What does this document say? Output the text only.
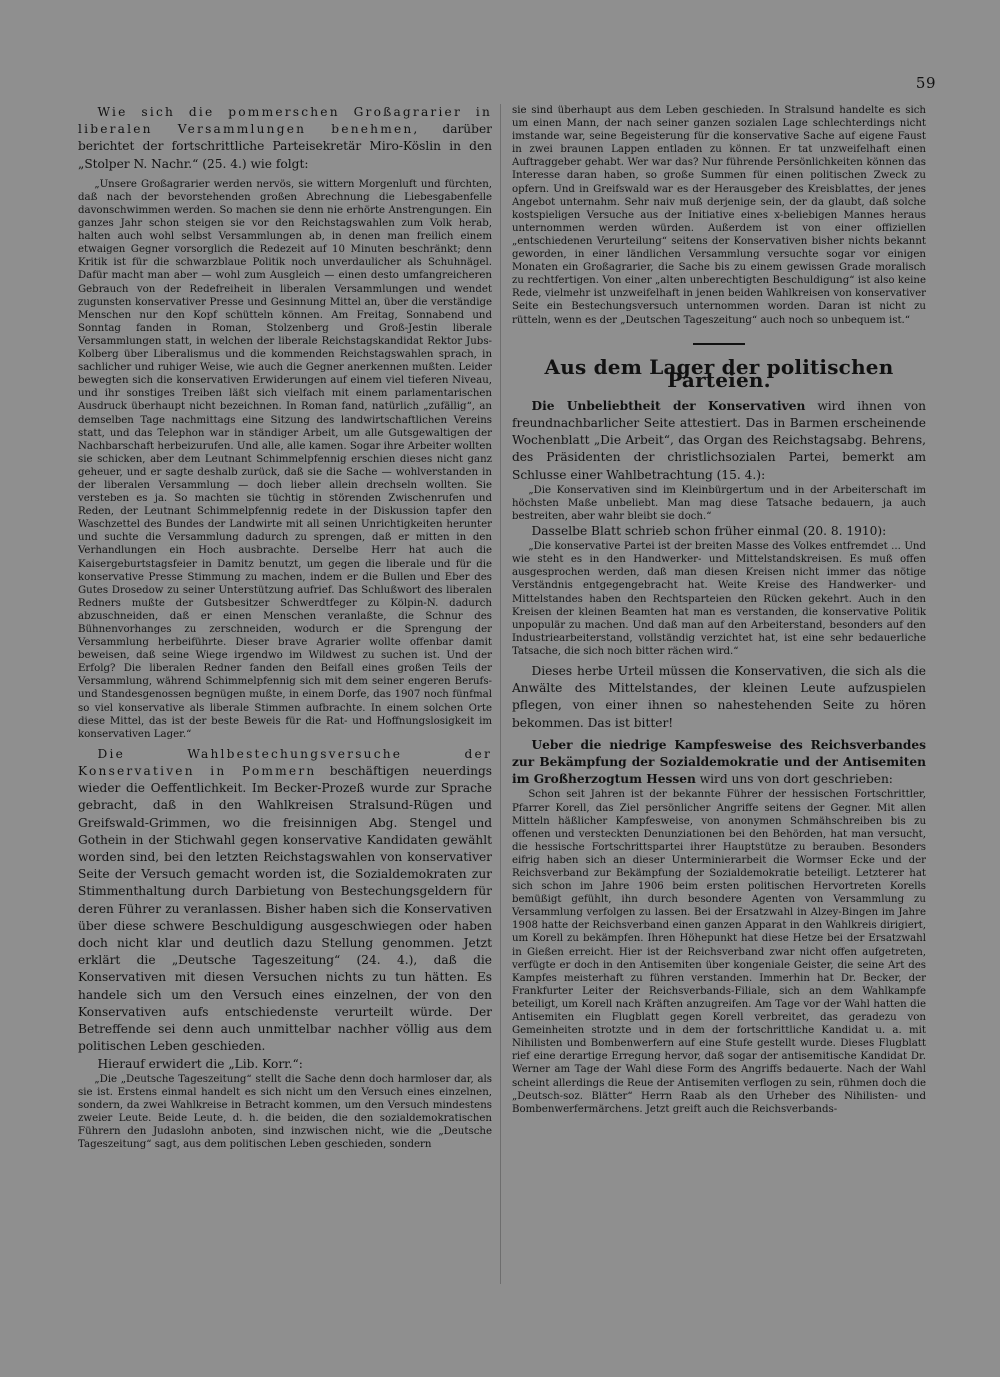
59

Wie sich die pommerschen Großagrarier in liberalen Versammlungen benehmen, darüber berichtet der fortschrittliche Parteisekretär Miro-Köslin in den „Stolper N. Nachr.“ (25. 4.) wie folgt:

„Unsere Großagrarier werden nervös, sie wittern Morgenluft und fürchten, daß nach der bevorstehenden großen Abrechnung die Liebesgabenfelle davonschwimmen werden. So machen sie denn nie erhörte Anstrengungen. Ein ganzes Jahr schon steigen sie vor den Reichstagswahlen zum Volk herab, halten auch wohl selbst Versammlungen ab, in denen man freilich einem etwaigen Gegner vorsorglich die Redezeit auf 10 Minuten beschränkt; denn Kritik ist für die schwarzblaue Politik noch unverdaulicher als Schuhnägel. Dafür macht man aber — wohl zum Ausgleich — einen desto umfangreicheren Gebrauch von der Redefreiheit in liberalen Versammlungen und wendet zugunsten konservativer Presse und Gesinnung Mittel an, über die verständige Menschen nur den Kopf schütteln können. Am Freitag, Sonnabend und Sonntag fanden in Roman, Stolzenberg und Groß-Jestin liberale Versammlungen statt, in welchen der liberale Reichstagskandidat Rektor Jubs-Kolberg über Liberalismus und die kommenden Reichstagswahlen sprach, in sachlicher und ruhiger Weise, wie auch die Gegner anerkennen mußten. Leider bewegten sich die konservativen Erwiderungen auf einem viel tieferen Niveau, und ihr sonstiges Treiben läßt sich vielfach mit einem parlamentarischen Ausdruck überhaupt nicht bezeichnen. In Roman fand, natürlich „zufällig“, an demselben Tage nachmittags eine Sitzung des landwirtschaftlichen Vereins statt, und das Telephon war in ständiger Arbeit, um alle Gutsgewaltigen der Nachbarschaft herbeizurufen. Und alle, alle kamen. Sogar ihre Arbeiter wollten sie schicken, aber dem Leutnant Schimmelpfennig erschien dieses nicht ganz geheuer, und er sagte deshalb zurück, daß sie die Sache — wohlverstanden in der liberalen Versammlung — doch lieber allein drechseln wollten. Sie versteben es ja. So machten sie tüchtig in störenden Zwischenrufen und Reden, der Leutnant Schimmelpfennig redete in der Diskussion tapfer den Waschzettel des Bundes der Landwirte mit all seinen Unrichtigkeiten herunter und suchte die Versammlung dadurch zu sprengen, daß er mitten in den Verhandlungen ein Hoch ausbrachte. Derselbe Herr hat auch die Kaisergeburtstagsfeier in Damitz benutzt, um gegen die liberale und für die konservative Presse Stimmung zu machen, indem er die Bullen und Eber des Gutes Drosedow zu seiner Unterstützung aufrief. Das Schlußwort des liberalen Redners mußte der Gutsbesitzer Schwerdtfeger zu Kölpin-N. dadurch abzuschneiden, daß er einen Menschen veranlaßte, die Schnur des Bühnenvorhanges zu zerschneiden, wodurch er die Sprengung der Versammlung herbeiführte. Dieser brave Agrarier wollte offenbar damit beweisen, daß seine Wiege irgendwo im Wildwest zu suchen ist. Und der Erfolg? Die liberalen Redner fanden den Beifall eines großen Teils der Versammlung, während Schimmelpfennig sich mit dem seiner engeren Berufs- und Standesgenossen begnügen mußte, in einem Dorfe, das 1907 noch fünfmal so viel konservative als liberale Stimmen aufbrachte. In einem solchen Orte diese Mittel, das ist der beste Beweis für die Rat- und Hoffnungslosigkeit im konservativen Lager.“

Die Wahlbestechungsversuche der Konservativen in Pommern beschäftigen neuerdings wieder die Oeffentlichkeit. Im Becker-Prozeß wurde zur Sprache gebracht, daß in den Wahlkreisen Stralsund-Rügen und Greifswald-Grimmen, wo die freisinnigen Abg. Stengel und Gothein in der Stichwahl gegen konservative Kandidaten gewählt worden sind, bei den letzten Reichstagswahlen von konservativer Seite der Versuch gemacht worden ist, die Sozialdemokraten zur Stimmenthaltung durch Darbietung von Bestechungsgeldern für deren Führer zu veranlassen. Bisher haben sich die Konservativen über diese schwere Beschuldigung ausgeschwiegen oder haben doch nicht klar und deutlich dazu Stellung genommen. Jetzt erklärt die „Deutsche Tageszeitung“ (24. 4.), daß die Konservativen mit diesen Versuchen nichts zu tun hätten. Es handele sich um den Versuch eines einzelnen, der von den Konservativen aufs entschiedenste verurteilt würde. Der Betreffende sei denn auch unmittelbar nachher völlig aus dem politischen Leben geschieden.

Hierauf erwidert die „Lib. Korr.“:

„Die „Deutsche Tageszeitung“ stellt die Sache denn doch harmloser dar, als sie ist. Erstens einmal handelt es sich nicht um den Versuch eines einzelnen, sondern, da zwei Wahlkreise in Betracht kommen, um den Versuch mindestens zweier Leute. Beide Leute, d. h. die beiden, die den sozialdemokratischen Führern den Judaslohn anboten, sind inzwischen nicht, wie die „Deutsche Tageszeitung“ sagt, aus dem politischen Leben geschieden, sondern

sie sind überhaupt aus dem Leben geschieden. In Stralsund handelte es sich um einen Mann, der nach seiner ganzen sozialen Lage schlechterdings nicht imstande war, seine Begeisterung für die konservative Sache auf eigene Faust in zwei braunen Lappen entladen zu können. Er tat unzweifelhaft einen Auftraggeber gehabt. Wer war das? Nur führende Persönlichkeiten können das Interesse daran haben, so große Summen für einen politischen Zweck zu opfern. Und in Greifswald war es der Herausgeber des Kreisblattes, der jenes Angebot unternahm. Sehr naiv muß derjenige sein, der da glaubt, daß solche kostspieligen Versuche aus der Initiative eines x-beliebigen Mannes heraus unternommen werden würden. Außerdem ist von einer offiziellen „entschiedenen Verurteilung“ seitens der Konservativen bisher nichts bekannt geworden, in einer ländlichen Versammlung versuchte sogar vor einigen Monaten ein Großagrarier, die Sache bis zu einem gewissen Grade moralisch zu rechtfertigen. Von einer „alten unberechtigten Beschuldigung“ ist also keine Rede, vielmehr ist unzweifelhaft in jenen beiden Wahlkreisen von konservativer Seite ein Bestechungsversuch unternommen worden. Daran ist nicht zu rütteln, wenn es der „Deutschen Tageszeitung“ auch noch so unbequem ist.“

Aus dem Lager der politischen Parteien.

Die Unbeliebtheit der Konservativen wird ihnen von freundnachbarlicher Seite attestiert. Das in Barmen erscheinende Wochenblatt „Die Arbeit“, das Organ des Reichstagsabg. Behrens, des Präsidenten der christlichsozialen Partei, bemerkt am Schlusse einer Wahlbetrachtung (15. 4.):

„Die Konservativen sind im Kleinbürgertum und in der Arbeiterschaft im höchsten Maße unbeliebt. Man mag diese Tatsache bedauern, ja auch bestreiten, aber wahr bleibt sie doch.“

Dasselbe Blatt schrieb schon früher einmal (20. 8. 1910):

„Die konservative Partei ist der breiten Masse des Volkes entfremdet ... Und wie steht es in den Handwerker- und Mittelstandskreisen. Es muß offen ausgesprochen werden, daß man diesen Kreisen nicht immer das nötige Verständnis entgegengebracht hat. Weite Kreise des Handwerker- und Mittelstandes haben den Rechtsparteien den Rücken gekehrt. Auch in den Kreisen der kleinen Beamten hat man es verstanden, die konservative Politik unpopulär zu machen. Und daß man auf den Arbeiterstand, besonders auf den Industriearbeiterstand, vollständig verzichtet hat, ist eine sehr bedauerliche Tatsache, die sich noch bitter rächen wird.“

Dieses herbe Urteil müssen die Konservativen, die sich als die Anwälte des Mittelstandes, der kleinen Leute aufzuspielen pflegen, von einer ihnen so nahestehenden Seite zu hören bekommen. Das ist bitter!

Ueber die niedrige Kampfesweise des Reichsverbandes zur Bekämpfung der Sozialdemokratie und der Antisemiten im Großherzogtum Hessen wird uns von dort geschrieben:

Schon seit Jahren ist der bekannte Führer der hessischen Fortschrittler, Pfarrer Korell, das Ziel persönlicher Angriffe seitens der Gegner. Mit allen Mitteln häßlicher Kampfesweise, von anonymen Schmähschreiben bis zu offenen und versteckten Denunziationen bei den Behörden, hat man versucht, die hessische Fortschrittspartei ihrer Hauptstütze zu berauben. Besonders eifrig haben sich an dieser Unterminierarbeit die Wormser Ecke und der Reichsverband zur Bekämpfung der Sozialdemokratie beteiligt. Letzterer hat sich schon im Jahre 1906 beim ersten politischen Hervortreten Korells bemüßigt gefühlt, ihn durch besondere Agenten von Versammlung zu Versammlung verfolgen zu lassen. Bei der Ersatzwahl in Alzey-Bingen im Jahre 1908 hatte der Reichsverband einen ganzen Apparat in den Wahlkreis dirigiert, um Korell zu bekämpfen. Ihren Höhepunkt hat diese Hetze bei der Ersatzwahl in Gießen erreicht. Hier ist der Reichsverband zwar nicht offen aufgetreten, verfügte er doch in den Antisemiten über kongeniale Geister, die seine Art des Kampfes meisterhaft zu führen verstanden. Immerhin hat Dr. Becker, der Frankfurter Leiter der Reichsverbands-Filiale, sich an dem Wahlkampfe beteiligt, um Korell nach Kräften anzugreifen. Am Tage vor der Wahl hatten die Antisemiten ein Flugblatt gegen Korell verbreitet, das geradezu von Gemeinheiten strotzte und in dem der fortschrittliche Kandidat u. a. mit Nihilisten und Bombenwerfern auf eine Stufe gestellt wurde. Dieses Flugblatt rief eine derartige Erregung hervor, daß sogar der antisemitische Kandidat Dr. Werner am Tage der Wahl diese Form des Angriffs bedauerte. Nach der Wahl scheint allerdings die Reue der Antisemiten verflogen zu sein, rühmen doch die „Deutsch-soz. Blätter“ Herrn Raab als den Urheber des Nihilisten- und Bombenwerfermärchens. Jetzt greift auch die Reichsverbands-
